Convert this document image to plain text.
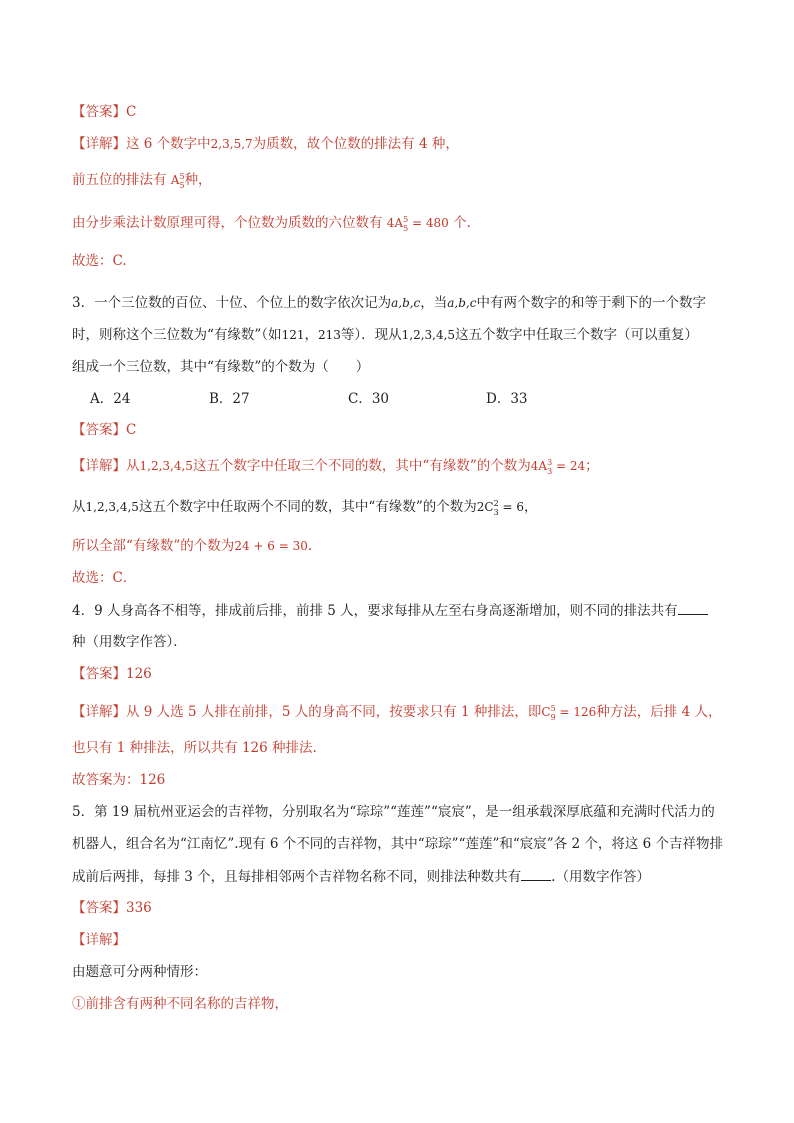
【答案】C
【详解】这 6 个数字中2,3,5,7为质数，故个位数的排法有 4 种，
前五位的排法有 A 5
5 种，
由分步乘法计数原理可得，个位数为质数的六位数有 4A 5
5 = 480 个.
故选：C.
3．一个三位数的百位、十位、个位上的数字依次记为a,b,c，当a,b,c中有两个数字的和等于剩下的一个数字
时，则称这个三位数为“有缘数”（如121，213等）．现从1,2,3,4,5这五个数字中任取三个数字（可以重复）
组成一个三位数，其中“有缘数”的个数为（　　）
A．24	B．27	C．30	D．33
【答案】C
【详解】从1,2,3,4,5这五个数字中任取三个不同的数，其中“有缘数”的个数为4A 3
3 = 24；
从1,2,3,4,5这五个数字中任取两个不同的数，其中“有缘数”的个数为2C 2
3 = 6，
所以全部“有缘数”的个数为24 + 6 = 30.
故选：C．
4．9 人身高各不相等，排成前后排，前排 5 人，要求每排从左至右身高逐渐增加，则不同的排法共有
种（用数字作答）．
【答案】126
【详解】从 9 人选 5 人排在前排，5 人的身高不同，按要求只有 1 种排法，即C 5
9 = 126种方法，后排 4 人，
也只有 1 种排法，所以共有 126 种排法.
故答案为：126
5．第 19 届杭州亚运会的吉祥物，分别取名为“琮琮”“莲莲”“宸宸”，是一组承载深厚底蕴和充满时代活力的
机器人，组合名为“江南忆”.现有 6 个不同的吉祥物，其中“琮琮”“莲莲”和“宸宸”各 2 个，将这 6 个吉祥物排
成前后两排，每排 3 个，且每排相邻两个吉祥物名称不同，则排法种数共有 .（用数字作答）
【答案】336
【详解】
由题意可分两种情形：
①前排含有两种不同名称的吉祥物，
